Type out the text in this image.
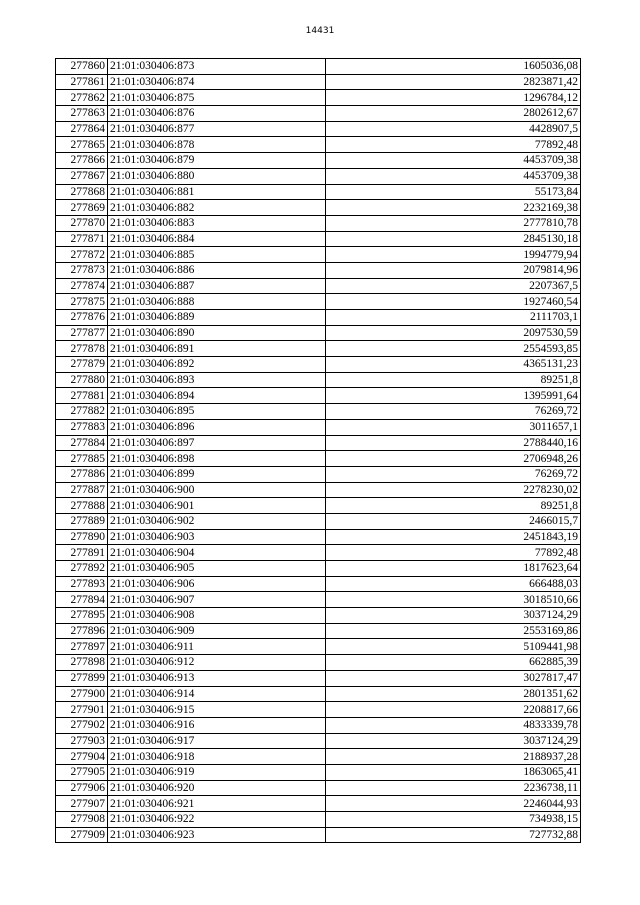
14431
277860	21:01:030406:873	1605036,08
277861	21:01:030406:874	2823871,42
277862	21:01:030406:875	1296784,12
277863	21:01:030406:876	2802612,67
277864	21:01:030406:877	4428907,5
277865	21:01:030406:878	77892,48
277866	21:01:030406:879	4453709,38
277867	21:01:030406:880	4453709,38
277868	21:01:030406:881	55173,84
277869	21:01:030406:882	2232169,38
277870	21:01:030406:883	2777810,78
277871	21:01:030406:884	2845130,18
277872	21:01:030406:885	1994779,94
277873	21:01:030406:886	2079814,96
277874	21:01:030406:887	2207367,5
277875	21:01:030406:888	1927460,54
277876	21:01:030406:889	2111703,1
277877	21:01:030406:890	2097530,59
277878	21:01:030406:891	2554593,85
277879	21:01:030406:892	4365131,23
277880	21:01:030406:893	89251,8
277881	21:01:030406:894	1395991,64
277882	21:01:030406:895	76269,72
277883	21:01:030406:896	3011657,1
277884	21:01:030406:897	2788440,16
277885	21:01:030406:898	2706948,26
277886	21:01:030406:899	76269,72
277887	21:01:030406:900	2278230,02
277888	21:01:030406:901	89251,8
277889	21:01:030406:902	2466015,7
277890	21:01:030406:903	2451843,19
277891	21:01:030406:904	77892,48
277892	21:01:030406:905	1817623,64
277893	21:01:030406:906	666488,03
277894	21:01:030406:907	3018510,66
277895	21:01:030406:908	3037124,29
277896	21:01:030406:909	2553169,86
277897	21:01:030406:911	5109441,98
277898	21:01:030406:912	662885,39
277899	21:01:030406:913	3027817,47
277900	21:01:030406:914	2801351,62
277901	21:01:030406:915	2208817,66
277902	21:01:030406:916	4833339,78
277903	21:01:030406:917	3037124,29
277904	21:01:030406:918	2188937,28
277905	21:01:030406:919	1863065,41
277906	21:01:030406:920	2236738,11
277907	21:01:030406:921	2246044,93
277908	21:01:030406:922	734938,15
277909	21:01:030406:923	727732,88
